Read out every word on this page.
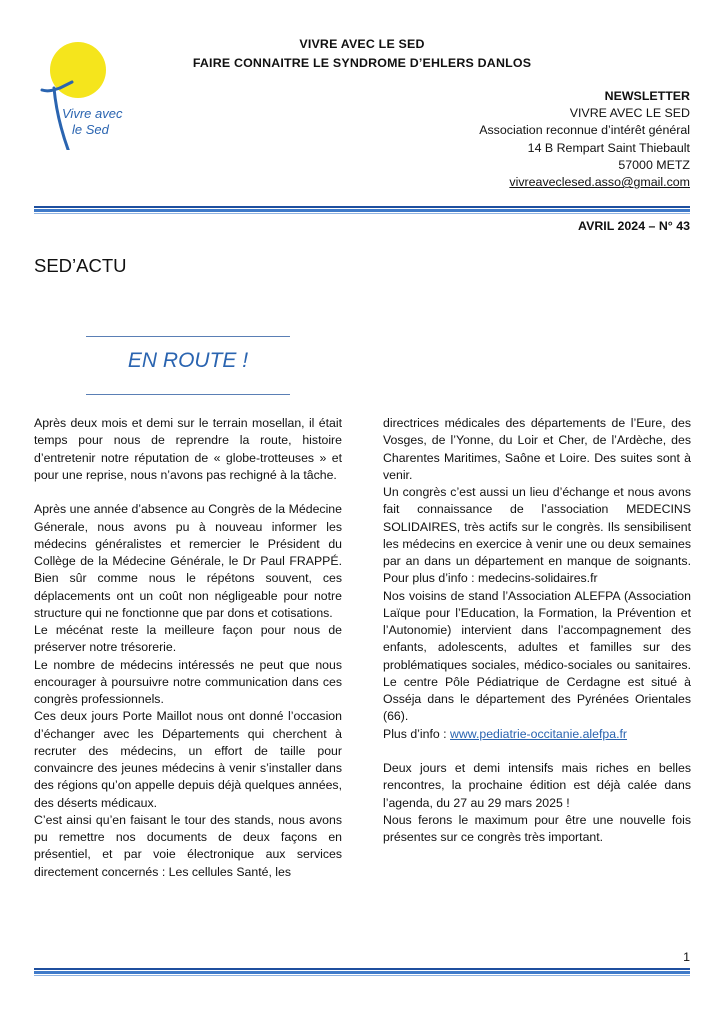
VIVRE AVEC LE SED
FAIRE CONNAITRE LE SYNDROME D’EHLERS DANLOS
Vivre avec
le Sed
NEWSLETTER
VIVRE AVEC LE SED
Association reconnue d’intérêt général
14 B Rempart Saint Thiebault
57000 METZ
vivreaveclesed.asso@gmail.com
AVRIL 2024 – N° 43
SED’ACTU
EN ROUTE !

Après deux mois et demi sur le terrain mosellan, il était temps pour nous de reprendre la route, histoire d’entretenir notre réputation de « globe-trotteuses » et pour une reprise, nous n’avons pas rechigné à la tâche.

Après une année d’absence au Congrès de la Médecine Génerale, nous avons pu à nouveau informer les médecins généralistes et remercier le Président du Collège de la Médecine Générale, le Dr Paul FRAPPÉ. Bien sûr comme nous le répétons souvent, ces déplacements ont un coût non négligeable pour notre structure qui ne fonctionne que par dons et cotisations.

Le mécénat reste la meilleure façon pour nous de préserver notre trésorerie.

Le nombre de médecins intéressés ne peut que nous encourager à poursuivre notre communication dans ces congrès professionnels.

Ces deux jours Porte Maillot nous ont donné l’occasion d’échanger avec les Départements qui cherchent à recruter des médecins, un effort de taille pour convaincre des jeunes médecins à venir s’installer dans des régions qu’on appelle depuis déjà quelques années, des déserts médicaux.

C’est ainsi qu’en faisant le tour des stands, nous avons pu remettre nos documents de deux façons en présentiel, et par voie électronique aux services directement concernés : Les cellules Santé, les

directrices médicales des départements de l’Eure, des Vosges, de l’Yonne, du Loir et Cher, de l’Ardèche, des Charentes Maritimes, Saône et Loire. Des suites sont à venir.

Un congrès c’est aussi un lieu d’échange et nous avons fait connaissance de l’association MEDECINS SOLIDAIRES, très actifs sur le congrès. Ils sensibilisent les médecins en exercice à venir une ou deux semaines par an dans un département en manque de soignants. Pour plus d’info : medecins-solidaires.fr

Nos voisins de stand l’Association ALEFPA (Association Laïque pour l’Education, la Formation, la Prévention et l’Autonomie) intervient dans l’accompagnement des enfants, adolescents, adultes et familles sur des problématiques sociales, médico-sociales ou sanitaires. Le centre Pôle Pédiatrique de Cerdagne est situé à Osséja dans le département des Pyrénées Orientales (66).

Plus d’info : www.pediatrie-occitanie.alefpa.fr

Deux jours et demi intensifs mais riches en belles rencontres, la prochaine édition est déjà calée dans l’agenda, du 27 au 29 mars 2025 !

Nous ferons le maximum pour être une nouvelle fois présentes sur ce congrès très important.

1
